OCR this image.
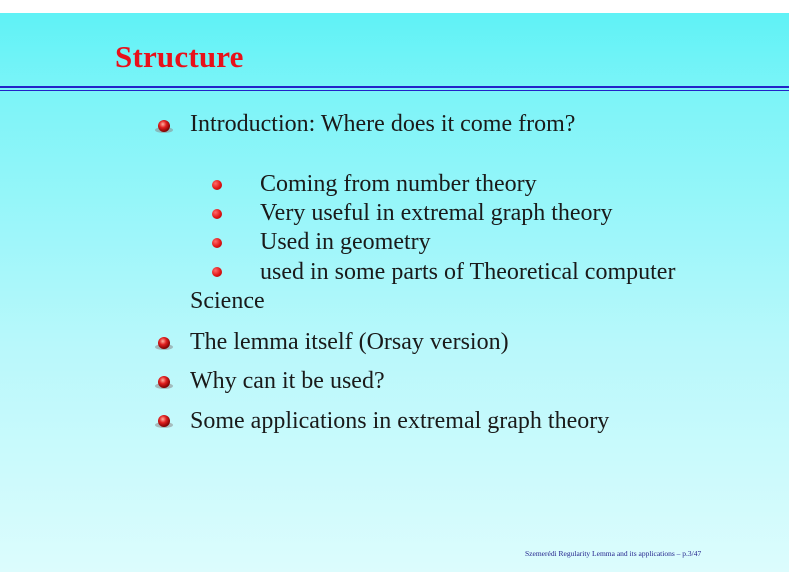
Structure
Introduction: Where does it come from?
Coming from number theory
Very useful in extremal graph theory
Used in geometry
used in some parts of Theoretical computer
Science
The lemma itself (Orsay version)
Why can it be used?
Some applications in extremal graph theory
Szemerédi Regularity Lemma and its applications – p.3/47
